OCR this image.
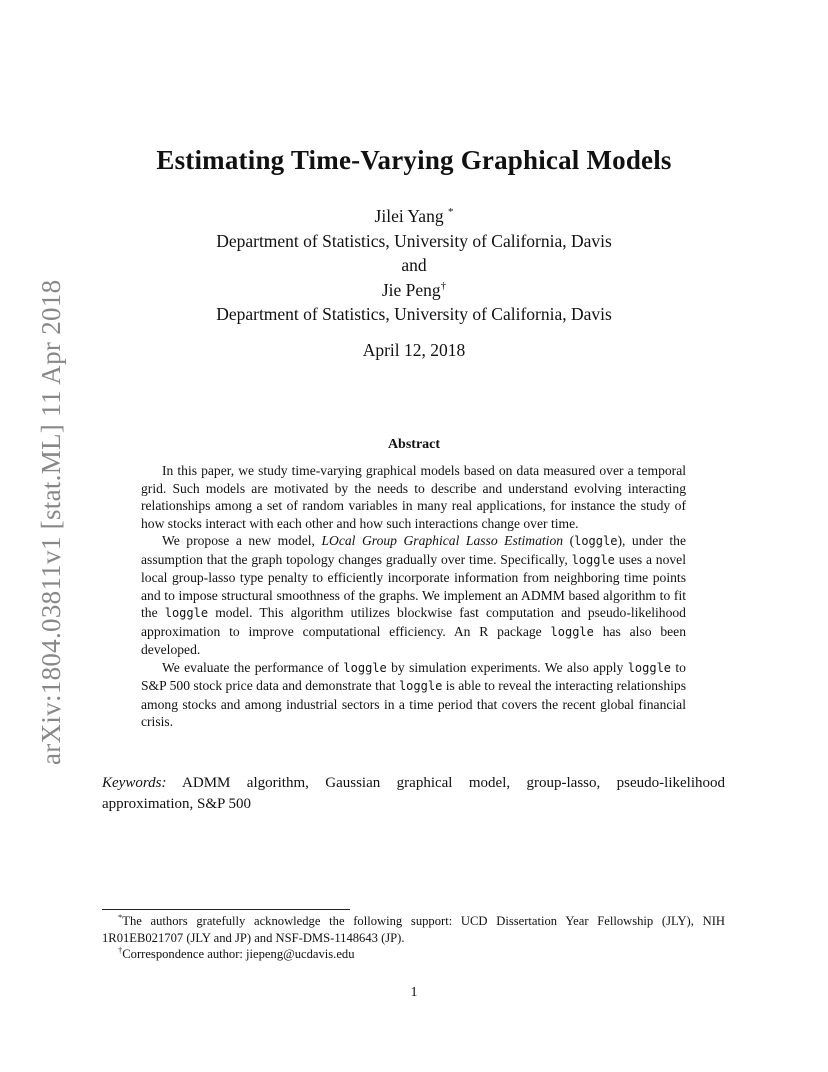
arXiv:1804.03811v1 [stat.ML] 11 Apr 2018
Estimating Time-Varying Graphical Models
Jilei Yang *
Department of Statistics, University of California, Davis
and
Jie Peng†
Department of Statistics, University of California, Davis
April 12, 2018
Abstract

In this paper, we study time-varying graphical models based on data measured over a temporal grid. Such models are motivated by the needs to describe and understand evolving interacting relationships among a set of random variables in many real applications, for instance the study of how stocks interact with each other and how such interactions change over time.

We propose a new model, LOcal Group Graphical Lasso Estimation (loggle), under the assumption that the graph topology changes gradually over time. Specifically, loggle uses a novel local group-lasso type penalty to efficiently incorporate information from neighboring time points and to impose structural smoothness of the graphs. We implement an ADMM based algorithm to fit the loggle model. This algorithm utilizes blockwise fast computation and pseudo-likelihood approximation to improve computational efficiency. An R package loggle has also been developed.

We evaluate the performance of loggle by simulation experiments. We also apply loggle to S&P 500 stock price data and demonstrate that loggle is able to reveal the interacting relationships among stocks and among industrial sectors in a time period that covers the recent global financial crisis.

Keywords: ADMM algorithm, Gaussian graphical model, group-lasso, pseudo-likelihood approximation, S&P 500

*The authors gratefully acknowledge the following support: UCD Dissertation Year Fellowship (JLY), NIH 1R01EB021707 (JLY and JP) and NSF-DMS-1148643 (JP).

†Correspondence author: jiepeng@ucdavis.edu

1
